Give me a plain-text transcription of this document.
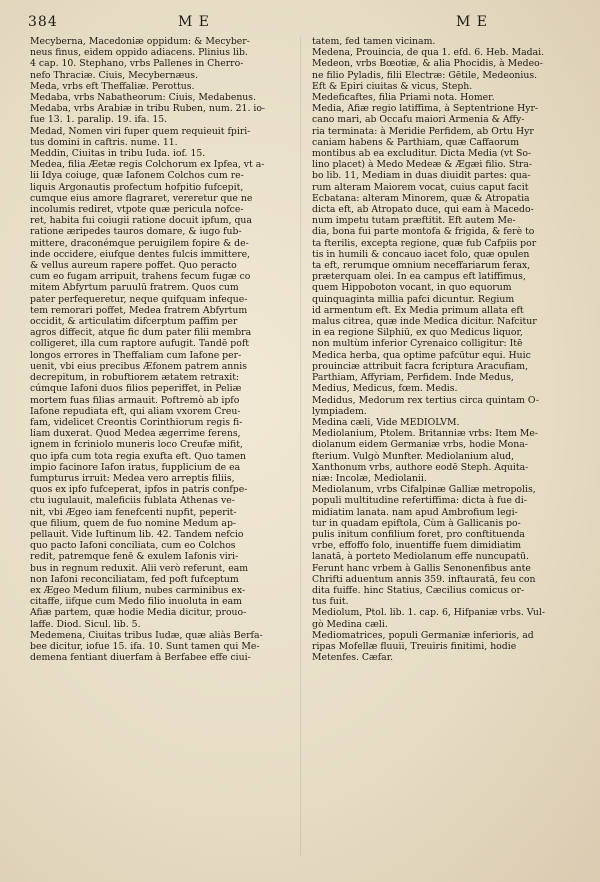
384	M E	M E

Mecyberna, Macedoniæ oppidum: & Mecyber-
neus finus, eidem oppido adiacens. Plinius lib.
4 cap. 10. Stephano, vrbs Pallenes in Cherro-
nefo Thraciæ. Ciuis, Mecybernæus.

Meda, vrbs eft Theffaliæ. Perottus.

Medaba, vrbs Nabatheorum: Ciuis, Medabenus.

Medaba, vrbs Arabiæ in tribu Ruben, num. 21. io-
fue 13. 1. paralip. 19. ifa. 15.

Medad, Nomen viri fuper quem requieuit fpiri-
tus domini in caftris. nume. 11.

Meddin, Ciuitas in tribu Iuda. iof. 15.

Medea, filia Æetæ regis Colchorum ex Ipfea, vt a-
lii Idya coiuge, quæ Iafonem Colchos cum re-
liquis Argonautis profectum hofpitio fufcepit,
cumque eius amore flagraret, vereretur que ne
incolumis rediret, vtpote quæ pericula nofce-
ret, habita fui coiugii ratione docuit ipfum, qua
ratione æripedes tauros domare, & iugo fub-
mittere, draconémque peruigilem fopire & de-
inde occidere, eiufque dentes fulcis immittere,
& vellus aureum rapere poffet. Quo peracto
cum eo fugam arripuit, trahens fecum fugæ co
mitem Abfyrtum paruulū fratrem. Quos cum
pater perfequeretur, neque quifquam infeque-
tem remorari poffet, Medea fratrem Abfyrtum
occidit, & articulatim difcerptum paffim per
agros diffecit, atque fic dum pater filii membra
colligeret, illa cum raptore aufugit. Tandē poft
longos errores in Theffaliam cum Iafone per-
uenit, vbi eius precibus Æfonem patrem annis
decrepitum, in robuftiorem ætatem retraxit:
cúmque Iafoni duos filios peperiffet, in Peliæ
mortem fuas filias armauit. Poftremò ab ipfo
Iafone repudiata eft, qui aliam vxorem Creu-
fam, videlicet Creontis Corinthiorum regis fi-
liam duxerat. Quod Medea ægerrime ferens,
ignem in fcriniolo muneris loco Creufæ mifit,
quo ipfa cum tota regia exufta eft. Quo tamen
impio facinore Iafon iratus, fupplicium de ea
fumpturus irruit: Medea vero arreptis filiis,
quos ex ipfo fufceperat, ipfos in patris confpe-
ctu iugulauit, maleficiis fublata Athenas ve-
nit, vbi Ægeo iam fenefcenti nupfit, peperit-
que filium, quem de fuo nomine Medum ap-
pellauit. Vide Iuftinum lib. 42. Tandem nefcio
quo pacto Iafoni conciliata, cum eo Colchos
redit, patremque fenē & exulem Iafonis viri-
bus in regnum reduxit. Alii verò referunt, eam
non Iafoni reconciliatam, fed poft fufceptum
ex Ægeo Medum filium, nubes carminibus ex-
citaffe, iifque cum Medo filio inuoluta in eam
Afiæ partem, quæ hodie Media dicitur, prouo-
laffe. Diod. Sicul. lib. 5.

Medemena, Ciuitas tribus Iudæ, quæ aliàs Berfa-
bee dicitur, iofue 15. ifa. 10. Sunt tamen qui Me-
demena fentiant diuerfam à Berfabee effe ciui-

tatem, fed tamen vicinam.

Medena, Prouincia, de qua 1. efd. 6. Heb. Madai.

Medeon, vrbs Bœotiæ, & alia Phocidis, à Medeo-
ne filio Pyladis, filii Electræ: Gētile, Medeonius.
Eft & Epiri ciuitas & vicus, Steph.

Medeficaftes, filia Priami nota. Homer.

Media, Afiæ regio latiffima, à Septentrione Hyr-
cano mari, ab Occafu maiori Armenia & Affy-
ria terminata: à Meridie Perfidem, ab Ortu Hyr
caniam habens & Parthiam, quæ Caffaorum
montibus ab ea excluditur. Dicta Media (vt So-
lino placet) à Medo Medeæ & Ægæi filio. Stra-
bo lib. 11, Mediam in duas diuidit partes: qua-
rum alteram Maiorem vocat, cuius caput facit
Ecbatana: alteram Minorem, quæ & Atropatia
dicta eft, ab Atropato duce, qui eam à Macedo-
num impetu tutam præftitit. Eft autem Me-
dia, bona fui parte montofa & frigida, & ferè to
ta fterilis, excepta regione, quæ fub Cafpiis por
tis in humili & concauo iacet folo, quæ opulen
ta eft, rerumque omnium neceffariarum ferax,
præterquam olei. In ea campus eft latiffimus,
quem Hippoboton vocant, in quo equorum
quinquaginta millia pafci dicuntur. Regium
id armentum eft. Ex Media primum allata eft
malus citrea, quæ inde Medica dicitur. Nafcitur
in ea regione Silphiū, ex quo Medicus liquor,
non multùm inferior Cyrenaico colligitur: Itē
Medica herba, qua optime pafcūtur equi. Huic
prouinciæ attribuit facra fcriptura Aracufiam,
Parthiam, Affyriam, Perfidem. Inde Medus,
Medius, Medicus, fœm. Medis.

Medidus, Medorum rex tertius circa quintam O-
lympiadem.

Medina cæli, Vide MEDIOLVM.

Mediolanium, Ptolem. Britanniæ vrbs: Item Me-
diolanum eidem Germaniæ vrbs, hodie Mona-
fterium. Vulgò Munfter. Mediolanium alud,
Xanthonum vrbs, authore eodē Steph. Aquita-
niæ: Incolæ, Mediolanii.

Mediolanum, vrbs Cifalpinæ Galliæ metropolis,
populi multitudine refertiffima: dicta à fue di-
midiatim lanata. nam apud Ambrofium legi-
tur in quadam epiftola, Cùm à Gallicanis po-
pulis initum confilium foret, pro conftituenda
vrbe, effoffo folo, inuentiffe fuem dimidiatim
lanatā, à porteto Mediolanum effe nuncupatū.
Ferunt hanc vrbem à Gallis Senonenfibus ante
Chrifti aduentum annis 359. inftauratā, feu con
dita fuiffe. hinc Statius, Cæcilius comicus or-
tus fuit.

Mediolum, Ptol. lib. 1. cap. 6, Hifpaniæ vrbs. Vul-
gò Medina cæli.

Mediomatrices, populi Germaniæ inferioris, ad
ripas Mofellæ fluuii, Treuiris finitimi, hodie
Metenfes. Cæfar.
